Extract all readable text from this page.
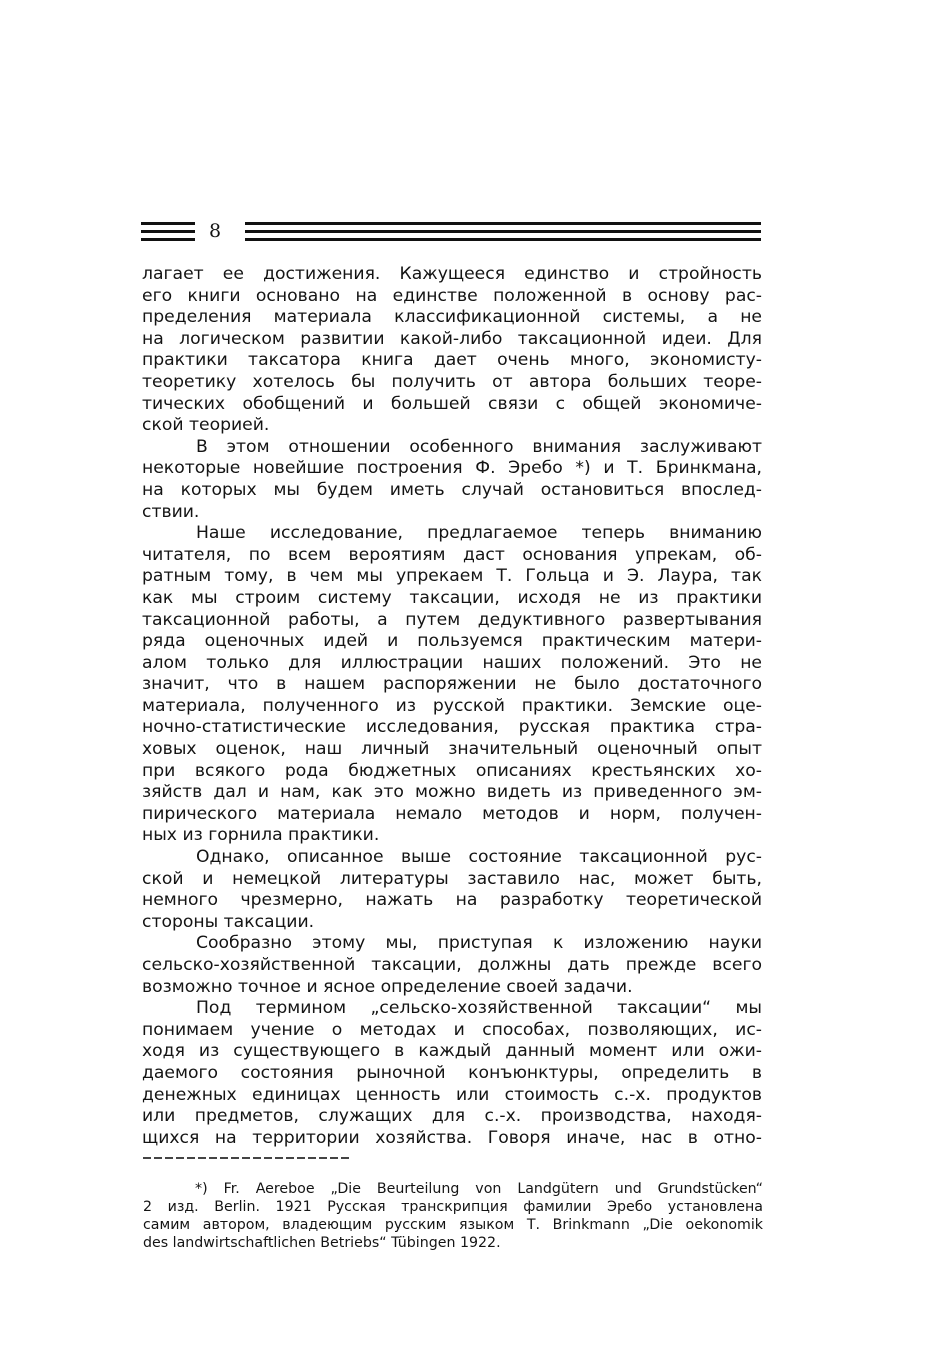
8
лагает ее достижения. Кажущееся единство и стройность
его книги основано на единстве положенной в основу рас-
пределения материала классификационной системы, а не
на логическом развитии какой-либо таксационной идеи. Для
практики таксатора книга дает очень много, экономисту-
теоретику хотелось бы получить от автора больших теоре-
тических обобщений и большей связи с общей экономиче-
ской теорией.
В этом отношении особенного внимания заслуживают
некоторые новейшие построения Ф. Эребо *) и Т. Бринкмана,
на которых мы будем иметь случай остановиться впослед-
ствии.
Наше исследование, предлагаемое теперь вниманию
читателя, по всем вероятиям даст основания упрекам, об-
ратным тому, в чем мы упрекаем Т. Гольца и Э. Лаура, так
как мы строим систему таксации, исходя не из практики
таксационной работы, а путем дедуктивного развертывания
ряда оценочных идей и пользуемся практическим матери-
алом только для иллюстрации наших положений. Это не
значит, что в нашем распоряжении не было достаточного
материала, полученного из русской практики. Земские оце-
ночно-статистические исследования, русская практика стра-
ховых оценок, наш личный значительный оценочный опыт
при всякого рода бюджетных описаниях крестьянских хо-
зяйств дал и нам, как это можно видеть из приведенного эм-
пирического материала немало методов и норм, получен-
ных из горнила практики.
Однако, описанное выше состояние таксационной рус-
ской и немецкой литературы заставило нас, может быть,
немного чрезмерно, нажать на разработку теоретической
стороны таксации.
Сообразно этому мы, приступая к изложению науки
сельско-хозяйственной таксации, должны дать прежде всего
возможно точное и ясное определение своей задачи.
Под термином „сельско-хозяйственной таксации“ мы
понимаем учение о методах и способах, позволяющих, ис-
ходя из существующего в каждый данный момент или ожи-
даемого состояния рыночной конъюнктуры, определить в
денежных единицах ценность или стоимость с.-х. продуктов
или предметов, служащих для с.-х. производства, находя-
щихся на территории хозяйства. Говоря иначе, нас в отно-
*) Fr. Aereboe „Die Beurteilung von Landgütern und Grundstücken“
2 изд. Berlin. 1921 Русская транскрипция фамилии Эребо установлена
самим автором, владеющим русским языком Т. Brinkmann „Die oekonomik
des landwirtschaftlichen Betriebs“ Tübingen 1922.
